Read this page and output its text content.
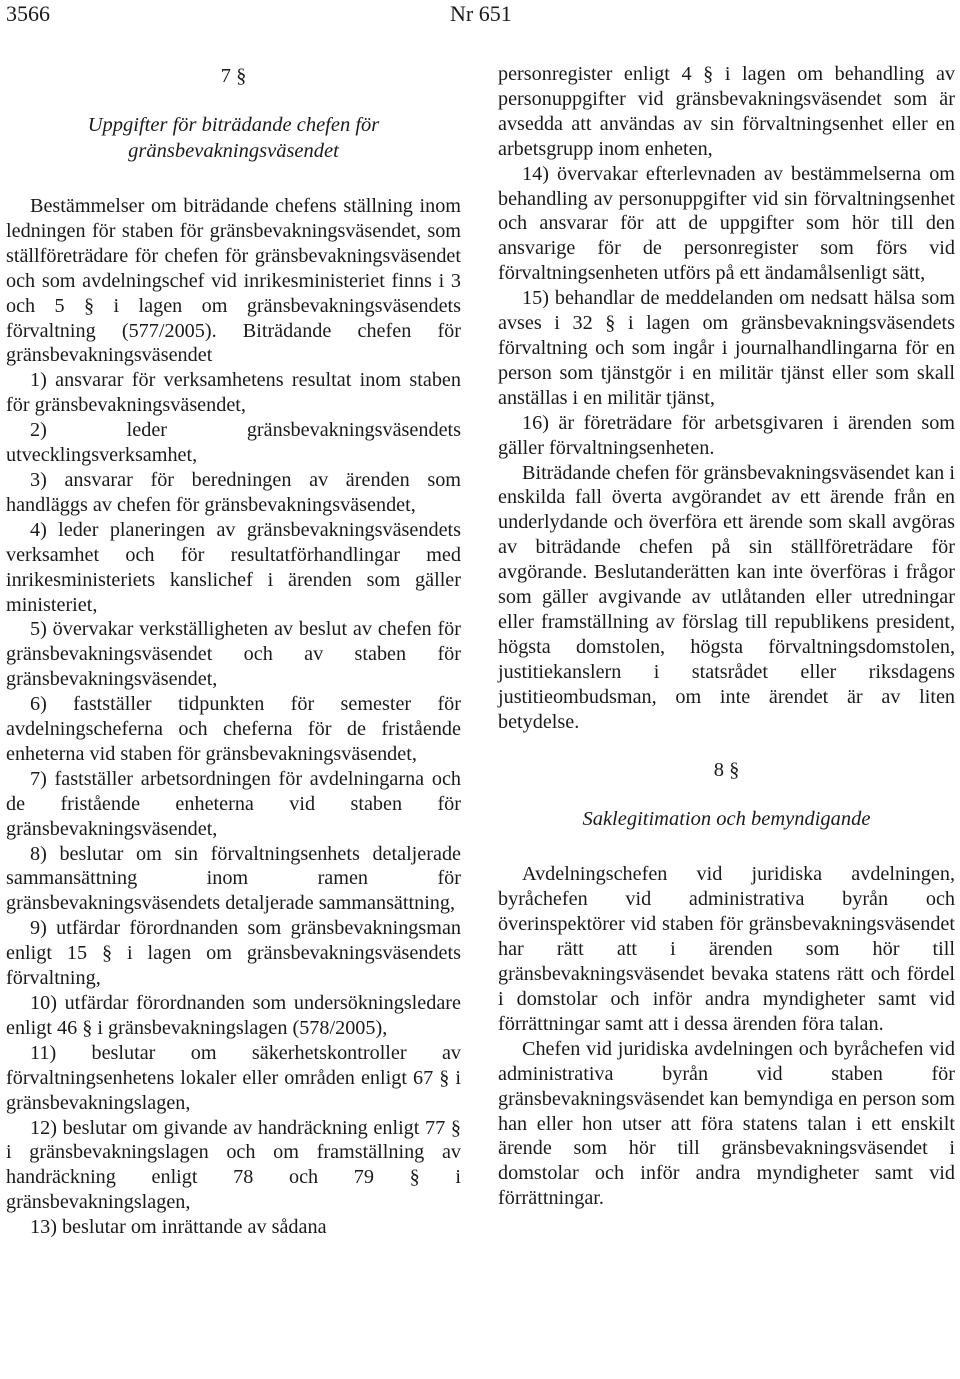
3566	Nr 651

7 §

Uppgifter för biträdande chefen för gränsbevakningsväsendet

Bestämmelser om biträdande chefens ställning inom ledningen för staben för gränsbevakningsväsendet, som ställföreträdare för chefen för gränsbevakningsväsendet och som avdelningschef vid inrikesministeriet finns i 3 och 5 § i lagen om gränsbevakningsväsendets förvaltning (577/2005). Biträdande chefen för gränsbevakningsväsendet

1) ansvarar för verksamhetens resultat inom staben för gränsbevakningsväsendet,

2) leder gränsbevakningsväsendets utvecklingsverksamhet,

3) ansvarar för beredningen av ärenden som handläggs av chefen för gränsbevakningsväsendet,

4) leder planeringen av gränsbevakningsväsendets verksamhet och för resultatförhandlingar med inrikesministeriets kanslichef i ärenden som gäller ministeriet,

5) övervakar verkställigheten av beslut av chefen för gränsbevakningsväsendet och av staben för gränsbevakningsväsendet,

6) fastställer tidpunkten för semester för avdelningscheferna och cheferna för de fristående enheterna vid staben för gränsbevakningsväsendet,

7) fastställer arbetsordningen för avdelningarna och de fristående enheterna vid staben för gränsbevakningsväsendet,

8) beslutar om sin förvaltningsenhets detaljerade sammansättning inom ramen för gränsbevakningsväsendets detaljerade sammansättning,

9) utfärdar förordnanden som gränsbevakningsman enligt 15 § i lagen om gränsbevakningsväsendets förvaltning,

10) utfärdar förordnanden som undersökningsledare enligt 46 § i gränsbevakningslagen (578/2005),

11) beslutar om säkerhetskontroller av förvaltningsenhetens lokaler eller områden enligt 67 § i gränsbevakningslagen,

12) beslutar om givande av handräckning enligt 77 § i gränsbevakningslagen och om framställning av handräckning enligt 78 och 79 § i gränsbevakningslagen,

13) beslutar om inrättande av sådana

personregister enligt 4 § i lagen om behandling av personuppgifter vid gränsbevakningsväsendet som är avsedda att användas av sin förvaltningsenhet eller en arbetsgrupp inom enheten,

14) övervakar efterlevnaden av bestämmelserna om behandling av personuppgifter vid sin förvaltningsenhet och ansvarar för att de uppgifter som hör till den ansvarige för de personregister som förs vid förvaltningsenheten utförs på ett ändamålsenligt sätt,

15) behandlar de meddelanden om nedsatt hälsa som avses i 32 § i lagen om gränsbevakningsväsendets förvaltning och som ingår i journalhandlingarna för en person som tjänstgör i en militär tjänst eller som skall anställas i en militär tjänst,

16) är företrädare för arbetsgivaren i ärenden som gäller förvaltningsenheten.

Biträdande chefen för gränsbevakningsväsendet kan i enskilda fall överta avgörandet av ett ärende från en underlydande och överföra ett ärende som skall avgöras av biträdande chefen på sin ställföreträdare för avgörande. Beslutanderätten kan inte överföras i frågor som gäller avgivande av utlåtanden eller utredningar eller framställning av förslag till republikens president, högsta domstolen, högsta förvaltningsdomstolen, justitiekanslern i statsrådet eller riksdagens justitieombudsman, om inte ärendet är av liten betydelse.

8 §

Saklegitimation och bemyndigande

Avdelningschefen vid juridiska avdelningen, byråchefen vid administrativa byrån och överinspektörer vid staben för gränsbevakningsväsendet har rätt att i ärenden som hör till gränsbevakningsväsendet bevaka statens rätt och fördel i domstolar och inför andra myndigheter samt vid förrättningar samt att i dessa ärenden föra talan.

Chefen vid juridiska avdelningen och byråchefen vid administrativa byrån vid staben för gränsbevakningsväsendet kan bemyndiga en person som han eller hon utser att föra statens talan i ett enskilt ärende som hör till gränsbevakningsväsendet i domstolar och inför andra myndigheter samt vid förrättningar.
